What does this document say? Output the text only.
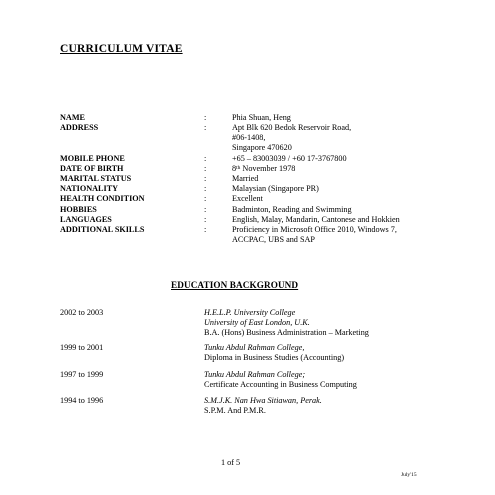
CURRICULUM VITAE
NAME	:	Phia Shuan, Heng
ADDRESS	:	Apt Blk 620 Bedok Reservoir Road,
#06-1408,
Singapore 470620
MOBILE PHONE	:	+65 – 83003039 / +60 17-3767800
DATE OF BIRTH	:	8th November 1978
MARITAL STATUS	:	Married
NATIONALITY	:	Malaysian (Singapore PR)
HEALTH CONDITION	:	Excellent
HOBBIES	:	Badminton, Reading and Swimming
LANGUAGES	:	English, Malay, Mandarin, Cantonese and Hokkien
ADDITIONAL SKILLS	:	Proficiency in Microsoft Office 2010, Windows 7,
ACCPAC, UBS and SAP
EDUCATION BACKGROUND
2002 to 2003	H.E.L.P. University College
University of East London, U.K.
B.A. (Hons) Business Administration – Marketing
1999 to 2001	Tunku Abdul Rahman College,
Diploma in Business Studies (Accounting)
1997 to 1999	Tunku Abdul Rahman College;
Certificate Accounting in Business Computing
1994 to 1996	S.M.J.K. Nan Hwa Sitiawan, Perak.
S.P.M. And P.M.R.
1 of 5
July'15
